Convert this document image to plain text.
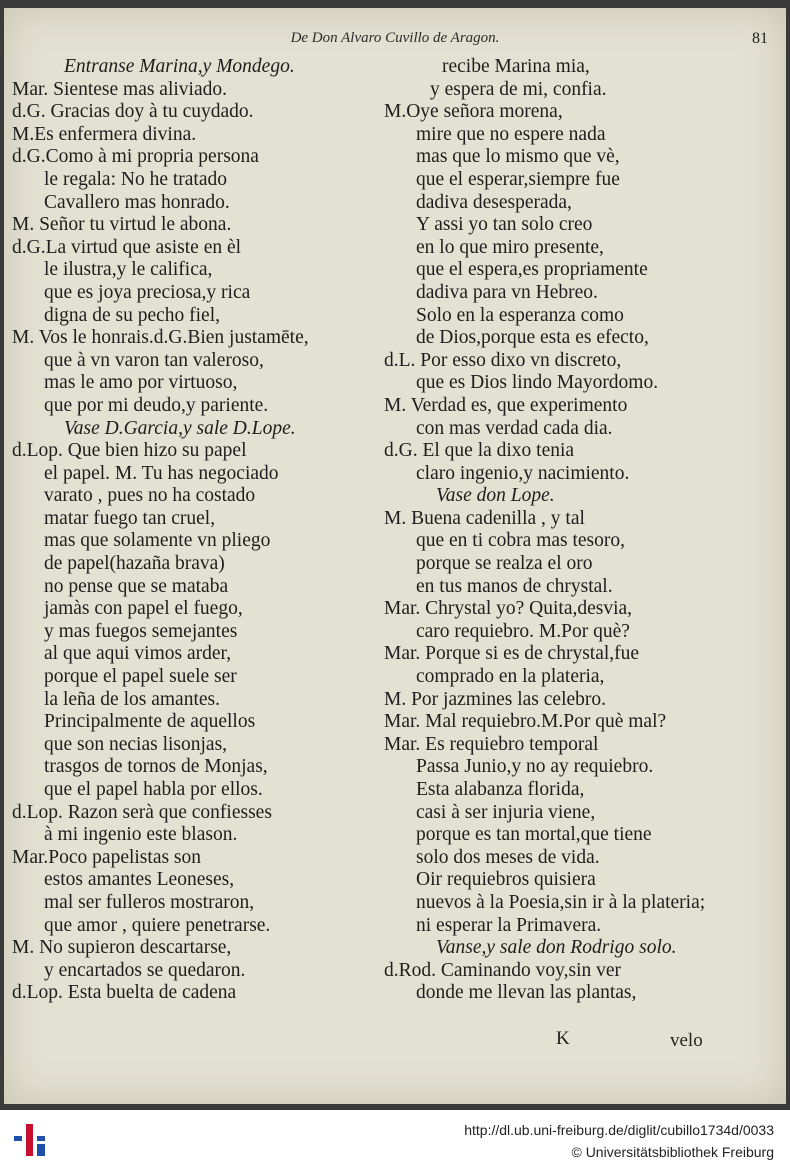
De Don Alvaro Cuvillo de Aragon.	81
Entranse Marina,y Mondego.
Mar. Sientese mas aliviado.
d.G. Gracias doy à tu cuydado.
M.Es enfermera divina.
d.G.Como à mi propria persona
le regala: No he tratado
Cavallero mas honrado.
M. Señor tu virtud le abona.
d.G.La virtud que asiste en èl
le ilustra,y le califica,
que es joya preciosa,y rica
digna de su pecho fiel,
M. Vos le honrais.d.G.Bien justamēte,
que à vn varon tan valeroso,
mas le amo por virtuoso,
que por mi deudo,y pariente.
Vase D.Garcia,y sale D.Lope.
d.Lop. Que bien hizo su papel
el papel. M. Tu has negociado
varato , pues no ha costado
matar fuego tan cruel,
mas que solamente vn pliego
de papel(hazaña brava)
no pense que se mataba
jamàs con papel el fuego,
y mas fuegos semejantes
al que aqui vimos arder,
porque el papel suele ser
la leña de los amantes.
Principalmente de aquellos
que son necias lisonjas,
trasgos de tornos de Monjas,
que el papel habla por ellos.
d.Lop. Razon serà que confiesses
à mi ingenio este blason.
Mar.Poco papelistas son
estos amantes Leoneses,
mal ser fulleros mostraron,
que amor , quiere penetrarse.
M. No supieron descartarse,
y encartados se quedaron.
d.Lop. Esta buelta de cadena
recibe Marina mia,
y espera de mi, confia.
M.Oye señora morena,
mire que no espere nada
mas que lo mismo que vè,
que el esperar,siempre fue
dadiva desesperada,
Y assi yo tan solo creo
en lo que miro presente,
que el espera,es propriamente
dadiva para vn Hebreo.
Solo en la esperanza como
de Dios,porque esta es efecto,
d.L. Por esso dixo vn discreto,
que es Dios lindo Mayordomo.
M. Verdad es, que experimento
con mas verdad cada dia.
d.G. El que la dixo tenia
claro ingenio,y nacimiento.
Vase don Lope.
M. Buena cadenilla , y tal
que en ti cobra mas tesoro,
porque se realza el oro
en tus manos de chrystal.
Mar. Chrystal yo? Quita,desvia,
caro requiebro. M.Por què?
Mar. Porque si es de chrystal,fue
comprado en la plateria,
M. Por jazmines las celebro.
Mar. Mal requiebro.M.Por què mal?
Mar. Es requiebro temporal
Passa Junio,y no ay requiebro.
Esta alabanza florida,
casi à ser injuria viene,
porque es tan mortal,que tiene
solo dos meses de vida.
Oir requiebros quisiera
nuevos à la Poesia,sin ir à la plateria;
ni esperar la Primavera.
Vanse,y sale don Rodrigo solo.
d.Rod. Caminando voy,sin ver
donde me llevan las plantas,
K	velo
http://dl.ub.uni-freiburg.de/diglit/cubillo1734d/0033
© Universitätsbibliothek Freiburg
